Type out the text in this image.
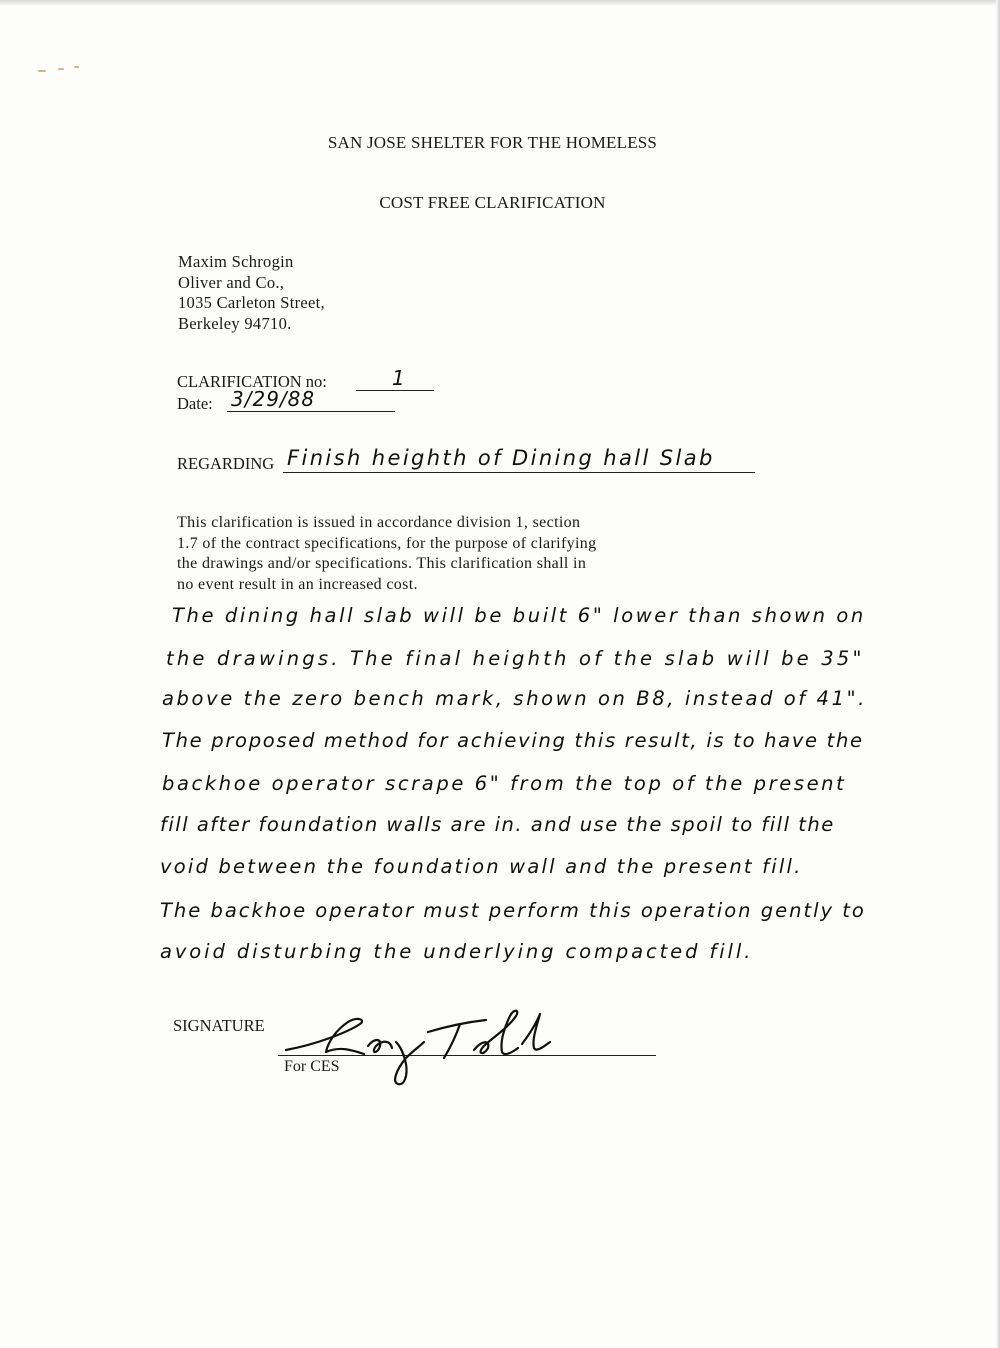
SAN JOSE SHELTER FOR THE HOMELESS
COST FREE CLARIFICATION
Maxim Schrogin
Oliver and Co.,
1035 Carleton Street,
Berkeley 94710.
CLARIFICATION no:	1
Date: 3/29/88
REGARDING Finish heighth of Dining hall Slab
This clarification is issued in accordance division 1, section
1.7 of the contract specifications, for the purpose of clarifying
the drawings and/or specifications. This clarification shall in
no event result in an increased cost.
The dining hall slab will be built 6" lower than shown on
the drawings. The final heighth of the slab will be 35"
above the zero bench mark, shown on B8, instead of 41".
The proposed method for achieving this result, is to have the
backhoe operator scrape 6" from the top of the present
fill after foundation walls are in. and use the spoil to fill the
void between the foundation wall and the present fill.
The backhoe operator must perform this operation gently to
avoid disturbing the underlying compacted fill.
SIGNATURE
For CES
